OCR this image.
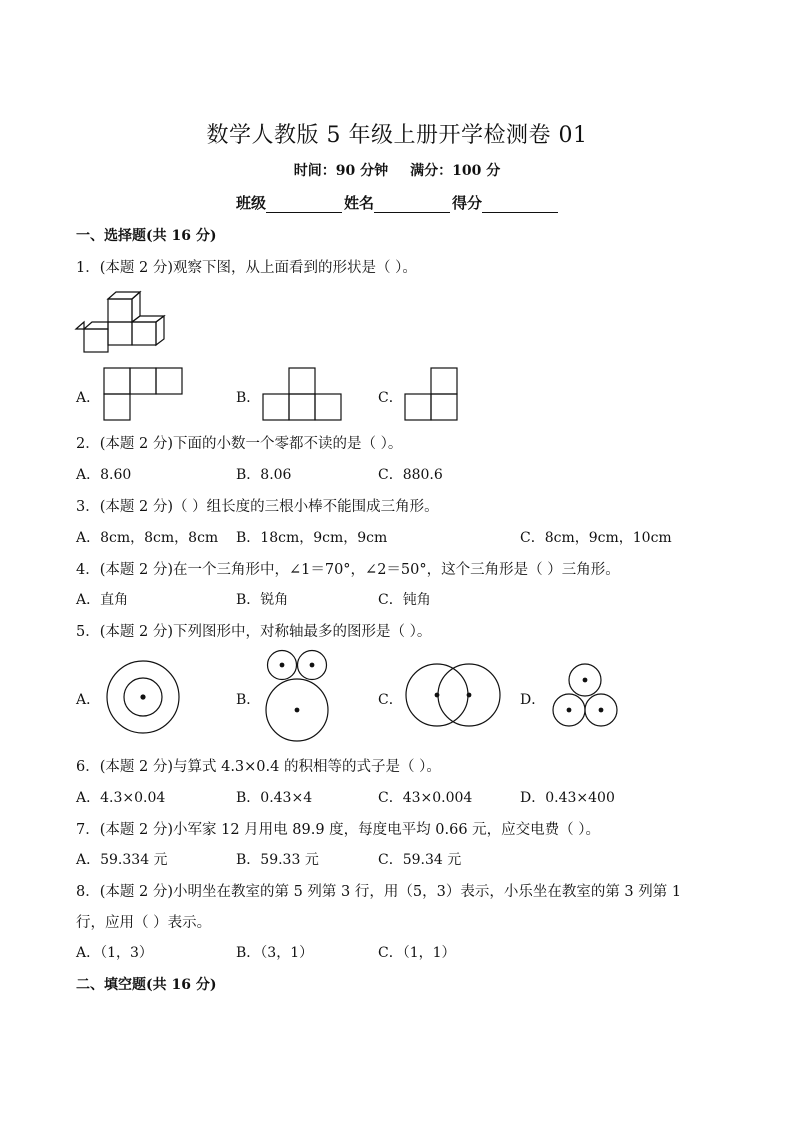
数学人教版 5 年级上册开学检测卷 01
时间：90 分钟 满分：100 分
班级	姓名	得分
一、选择题(共 16 分)
1．(本题 2 分)观察下图，从上面看到的形状是（ ）。
A．	B．	C．
2．(本题 2 分)下面的小数一个零都不读的是（ ）。
A．8.60	B．8.06	C．880.6
3．(本题 2 分)（ ）组长度的三根小棒不能围成三角形。
A．8cm，8cm，8cm B．18cm，9cm，9cm	C．8cm，9cm，10cm
4．(本题 2 分)在一个三角形中，∠1＝70°，∠2＝50°，这个三角形是（ ）三角形。
A．直角	B．锐角	C．钝角
5．(本题 2 分)下列图形中，对称轴最多的图形是（ ）。
A．	B．	C．	D．
6．(本题 2 分)与算式 4.3×0.4 的积相等的式子是（ ）。
A．4.3×0.04	B．0.43×4	C．43×0.004	D．0.43×400
7．(本题 2 分)小军家 12 月用电 89.9 度，每度电平均 0.66 元，应交电费（ ）。
A．59.334 元	B．59.33 元	C．59.34 元
8．(本题 2 分)小明坐在教室的第 5 列第 3 行，用（5，3）表示，小乐坐在教室的第 3 列第 1
行，应用（ ）表示。
A．（1，3）	B．（3，1）	C．（1，1）
二、填空题(共 16 分)
